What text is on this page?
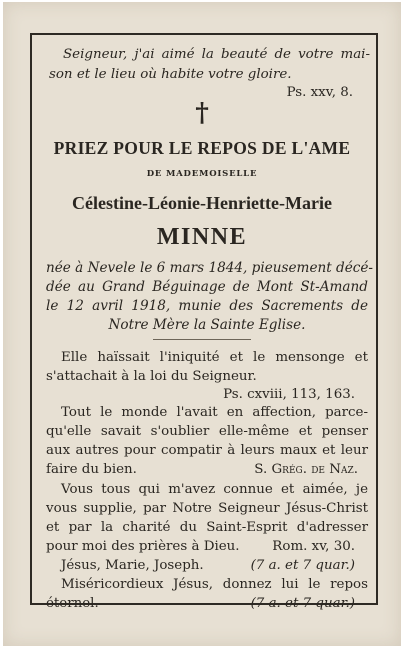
Seigneur, j'ai aimé la beauté de votre mai-
son et le lieu où habite votre gloire.
Ps. xxv, 8.
†
PRIEZ POUR LE REPOS DE L'AME
DE MADEMOISELLE
Célestine-Léonie-Henriette-Marie
MINNE
née à Nevele le 6 mars 1844, pieusement décé-
dée au Grand Béguinage de Mont St-Amand
le 12 avril 1918, munie des Sacrements de
Notre Mère la Sainte Eglise.
Elle haïssait l'iniquité et le mensonge et
s'attachait à la loi du Seigneur.
Ps. cxviii, 113, 163.
Tout le monde l'avait en affection, parce-
qu'elle savait s'oublier elle-même et penser
aux autres pour compatir à leurs maux et leur
faire du bien.	S. Grég. de Naz.
Vous tous qui m'avez connue et aimée, je
vous supplie, par Notre Seigneur Jésus-Christ
et par la charité du Saint-Esprit d'adresser
pour moi des prières à Dieu.	Rom. xv, 30.
Jésus, Marie, Joseph.	(7 a. et 7 quar.)
Miséricordieux Jésus, donnez lui le repos
éternel.	(7 a. et 7 quar.)
